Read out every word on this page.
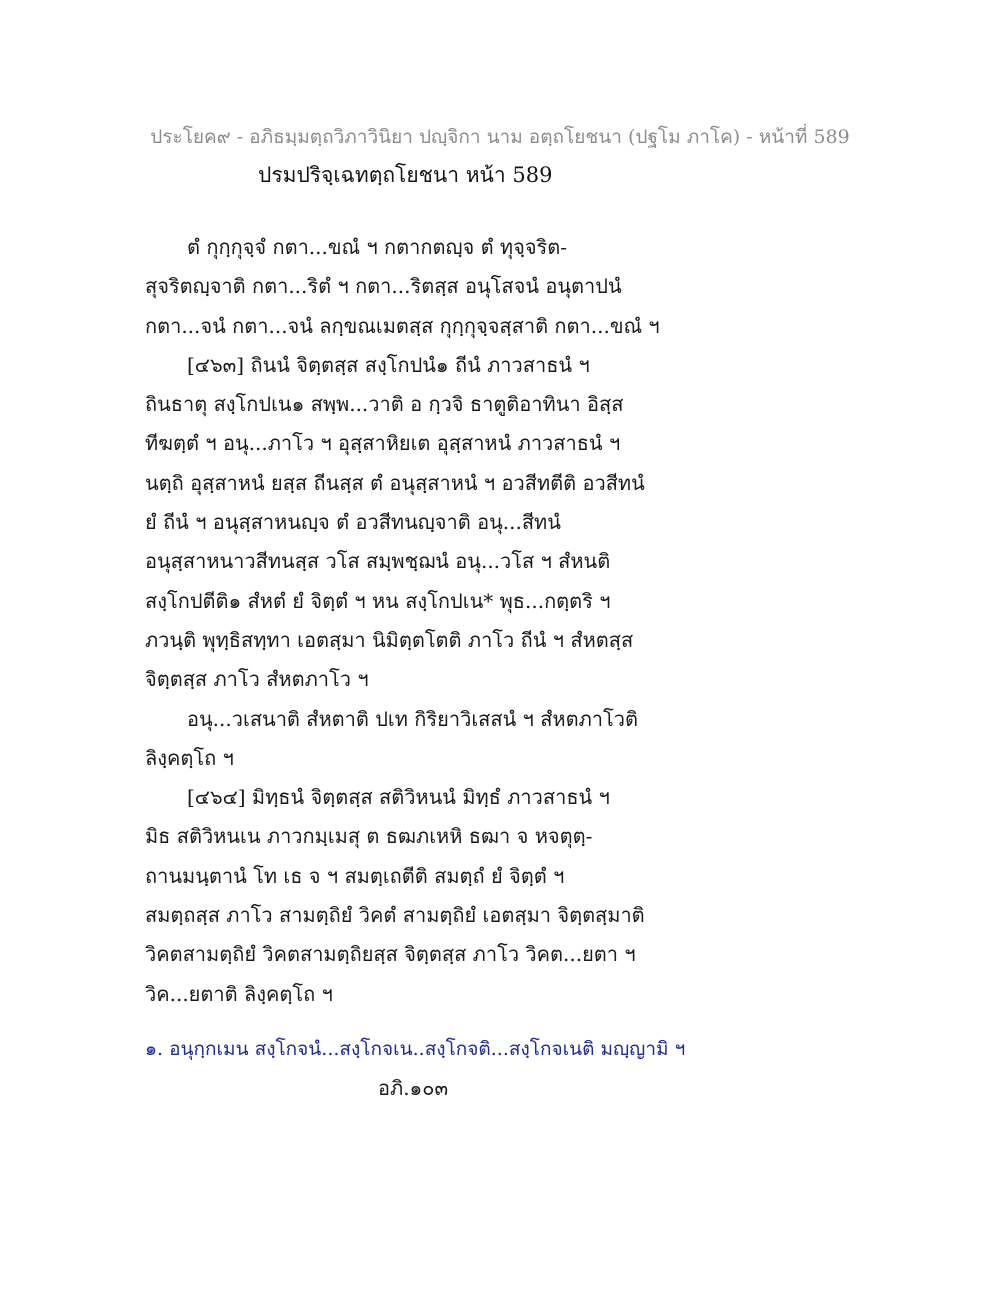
ประโยค๙ - อภิธมฺมตฺถวิภาวินิยา ปญฺจิกา นาม อตฺถโยชนา (ปฐโม ภาโค) - หน้าที่ 589
ปรมปริจฺเฉทตฺถโยชนา หน้า 589
ตํ กุกฺกุจฺจํ กตา...ขณํ ฯ กตากตญฺจ ตํ ทุจฺจริต-
สุจริตญฺจาติ กตา...ริตํ ฯ กตา...ริตสฺส อนุโสจนํ อนุตาปนํ
กตา...จนํ กตา...จนํ ลกฺขณเมตสฺส กุกฺกุจฺจสฺสาติ กตา...ขณํ ฯ
[๔๖๓] ถินนํ จิตฺตสฺส สงฺโกปนํ๑ ถีนํ ภาวสาธนํ ฯ
ถินธาตุ สงฺโกปเน๑ สพฺพ...วาติ อ กฺวจิ ธาตูติอาทินา อิสฺส
ทีฆตฺตํ ฯ อนุ...ภาโว ฯ อุสฺสาหิยเต อุสฺสาหนํ ภาวสาธนํ ฯ
นตฺถิ อุสฺสาหนํ ยสฺส ถีนสฺส ตํ อนุสฺสาหนํ ฯ อวสีทตีติ อวสีทนํ
ยํ ถีนํ ฯ อนุสฺสาหนญฺจ ตํ อวสีทนญฺจาติ อนุ...สีทนํ
อนุสฺสาหนาวสีทนสฺส วโส สมฺพชฺฌนํ อนุ...วโส ฯ สํหนติ
สงฺโกปตีติ๑ สํหตํ ยํ จิตฺตํ ฯ หน สงฺโกปเน* พุธ...กตฺตริ ฯ
ภวนฺติ พุทฺธิสทฺทา เอตสฺมา นิมิตฺตโตติ ภาโว ถีนํ ฯ สํหตสฺส
จิตฺตสฺส ภาโว สํหตภาโว ฯ
อนุ...วเสนาติ สํหตาติ ปเท กิริยาวิเสสนํ ฯ สํหตภาโวติ
ลิงฺคตฺโถ ฯ
[๔๖๔] มิทฺธนํ จิตฺตสฺส สติวิหนนํ มิทฺธํ ภาวสาธนํ ฯ
มิธ สติวิหนเน ภาวกมฺเมสุ ต ธฒภเหหิ ธฒา จ หจตุตฺ-
ถานมนฺตานํ โท เธ จ ฯ สมตฺเถตีติ สมตฺถํ ยํ จิตฺตํ ฯ
สมตฺถสฺส ภาโว สามตฺถิยํ วิคตํ สามตฺถิยํ เอตสฺมา จิตฺตสฺมาติ
วิคตสามตฺถิยํ วิคตสามตฺถิยสฺส จิตฺตสฺส ภาโว วิคต...ยตา ฯ
วิค...ยตาติ ลิงฺคตฺโถ ฯ
๑. อนุกฺกเมน สงฺโกจนํ...สงฺโกจเน..สงฺโกจติ...สงฺโกจเนติ มญฺญามิ ฯ
อภิ.๑๐๓
